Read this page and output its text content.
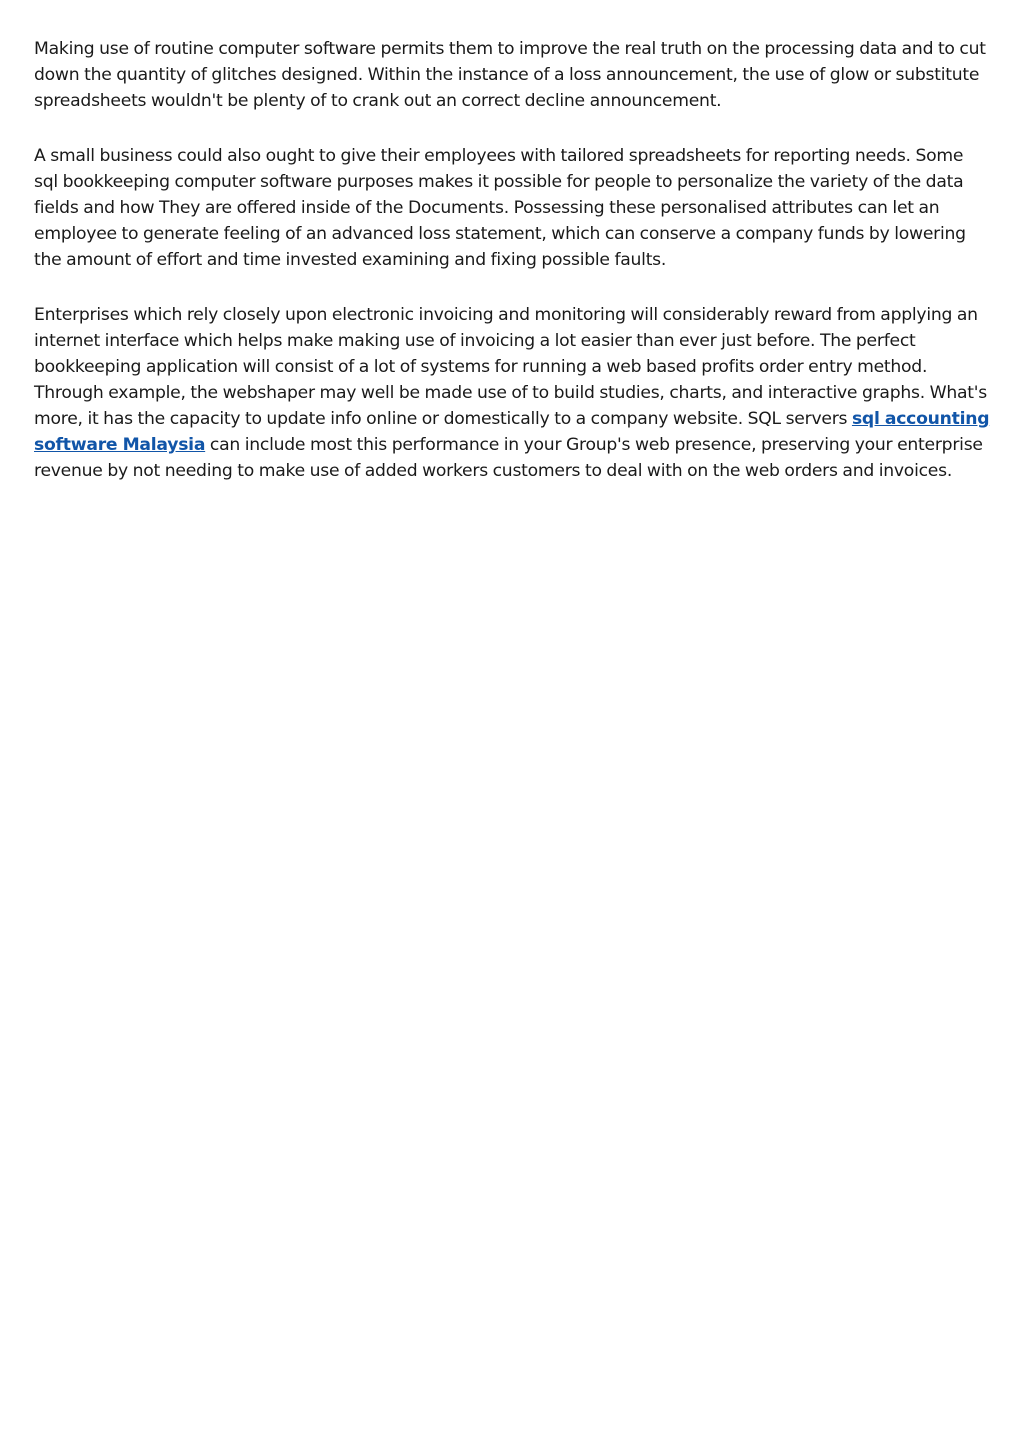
Making use of routine computer software permits them to improve the real truth on the processing data and to cut down the quantity of glitches designed. Within the instance of a loss announcement, the use of glow or substitute spreadsheets wouldn't be plenty of to crank out an correct decline announcement.

A small business could also ought to give their employees with tailored spreadsheets for reporting needs. Some sql bookkeeping computer software purposes makes it possible for people to personalize the variety of the data fields and how They are offered inside of the Documents. Possessing these personalised attributes can let an employee to generate feeling of an advanced loss statement, which can conserve a company funds by lowering the amount of effort and time invested examining and fixing possible faults.

Enterprises which rely closely upon electronic invoicing and monitoring will considerably reward from applying an internet interface which helps make making use of invoicing a lot easier than ever just before. The perfect bookkeeping application will consist of a lot of systems for running a web based profits order entry method. Through example, the webshaper may well be made use of to build studies, charts, and interactive graphs. What's more, it has the capacity to update info online or domestically to a company website. SQL servers sql accounting software Malaysia can include most this performance in your Group's web presence, preserving your enterprise revenue by not needing to make use of added workers customers to deal with on the web orders and invoices.
